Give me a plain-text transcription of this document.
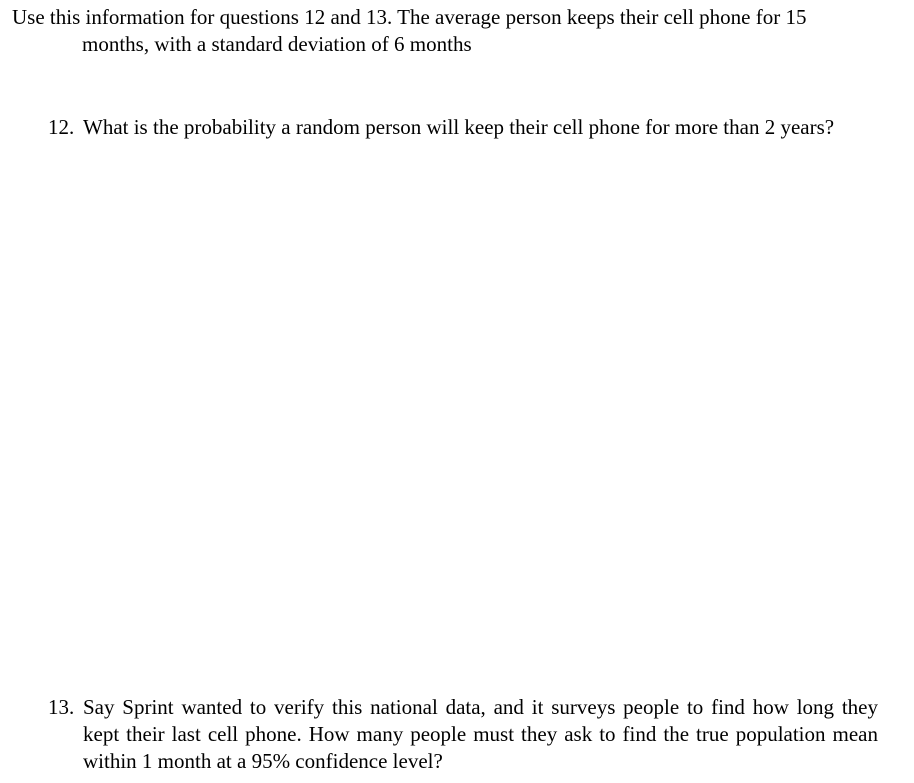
Use this information for questions 12 and 13. The average person keeps their cell phone for 15 months, with a standard deviation of 6 months

12. What is the probability a random person will keep their cell phone for more than 2 years?

13. Say Sprint wanted to verify this national data, and it surveys people to find how long they kept their last cell phone. How many people must they ask to find the true population mean within 1 month at a 95% confidence level?
